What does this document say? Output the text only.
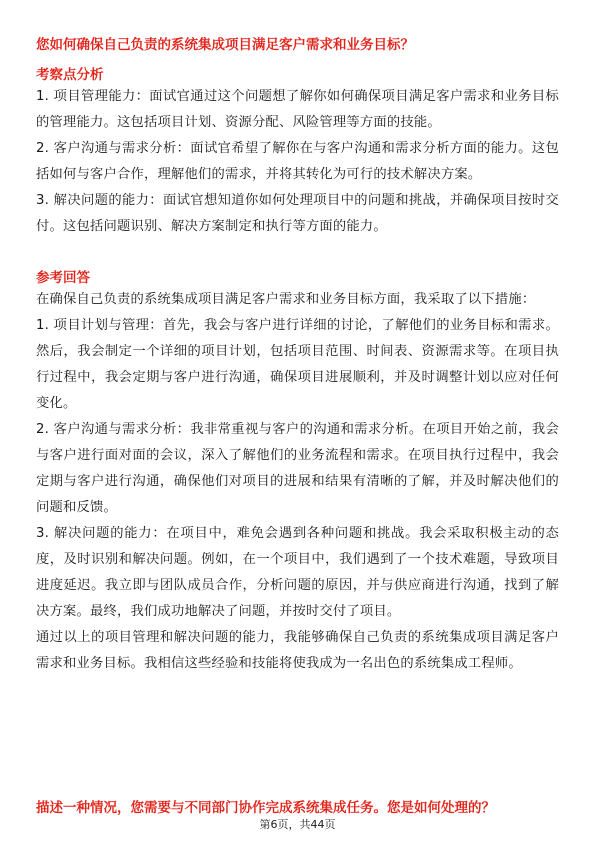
您如何确保自己负责的系统集成项目满足客户需求和业务目标？
考察点分析

1. 项目管理能力：面试官通过这个问题想了解你如何确保项目满足客户需求和业务目标的管理能力。这包括项目计划、资源分配、风险管理等方面的技能。

2. 客户沟通与需求分析：面试官希望了解你在与客户沟通和需求分析方面的能力。这包括如何与客户合作，理解他们的需求，并将其转化为可行的技术解决方案。

3. 解决问题的能力：面试官想知道你如何处理项目中的问题和挑战，并确保项目按时交付。这包括问题识别、解决方案制定和执行等方面的能力。

参考回答

在确保自己负责的系统集成项目满足客户需求和业务目标方面，我采取了以下措施：

1. 项目计划与管理：首先，我会与客户进行详细的讨论，了解他们的业务目标和需求。然后，我会制定一个详细的项目计划，包括项目范围、时间表、资源需求等。在项目执行过程中，我会定期与客户进行沟通，确保项目进展顺利，并及时调整计划以应对任何变化。

2. 客户沟通与需求分析：我非常重视与客户的沟通和需求分析。在项目开始之前，我会与客户进行面对面的会议，深入了解他们的业务流程和需求。在项目执行过程中，我会定期与客户进行沟通，确保他们对项目的进展和结果有清晰的了解，并及时解决他们的问题和反馈。

3. 解决问题的能力：在项目中，难免会遇到各种问题和挑战。我会采取积极主动的态度，及时识别和解决问题。例如，在一个项目中，我们遇到了一个技术难题，导致项目进度延迟。我立即与团队成员合作，分析问题的原因，并与供应商进行沟通，找到了解决方案。最终，我们成功地解决了问题，并按时交付了项目。

通过以上的项目管理和解决问题的能力，我能够确保自己负责的系统集成项目满足客户需求和业务目标。我相信这些经验和技能将使我成为一名出色的系统集成工程师。

描述一种情况，您需要与不同部门协作完成系统集成任务。您是如何处理的？
第6页，共44页
